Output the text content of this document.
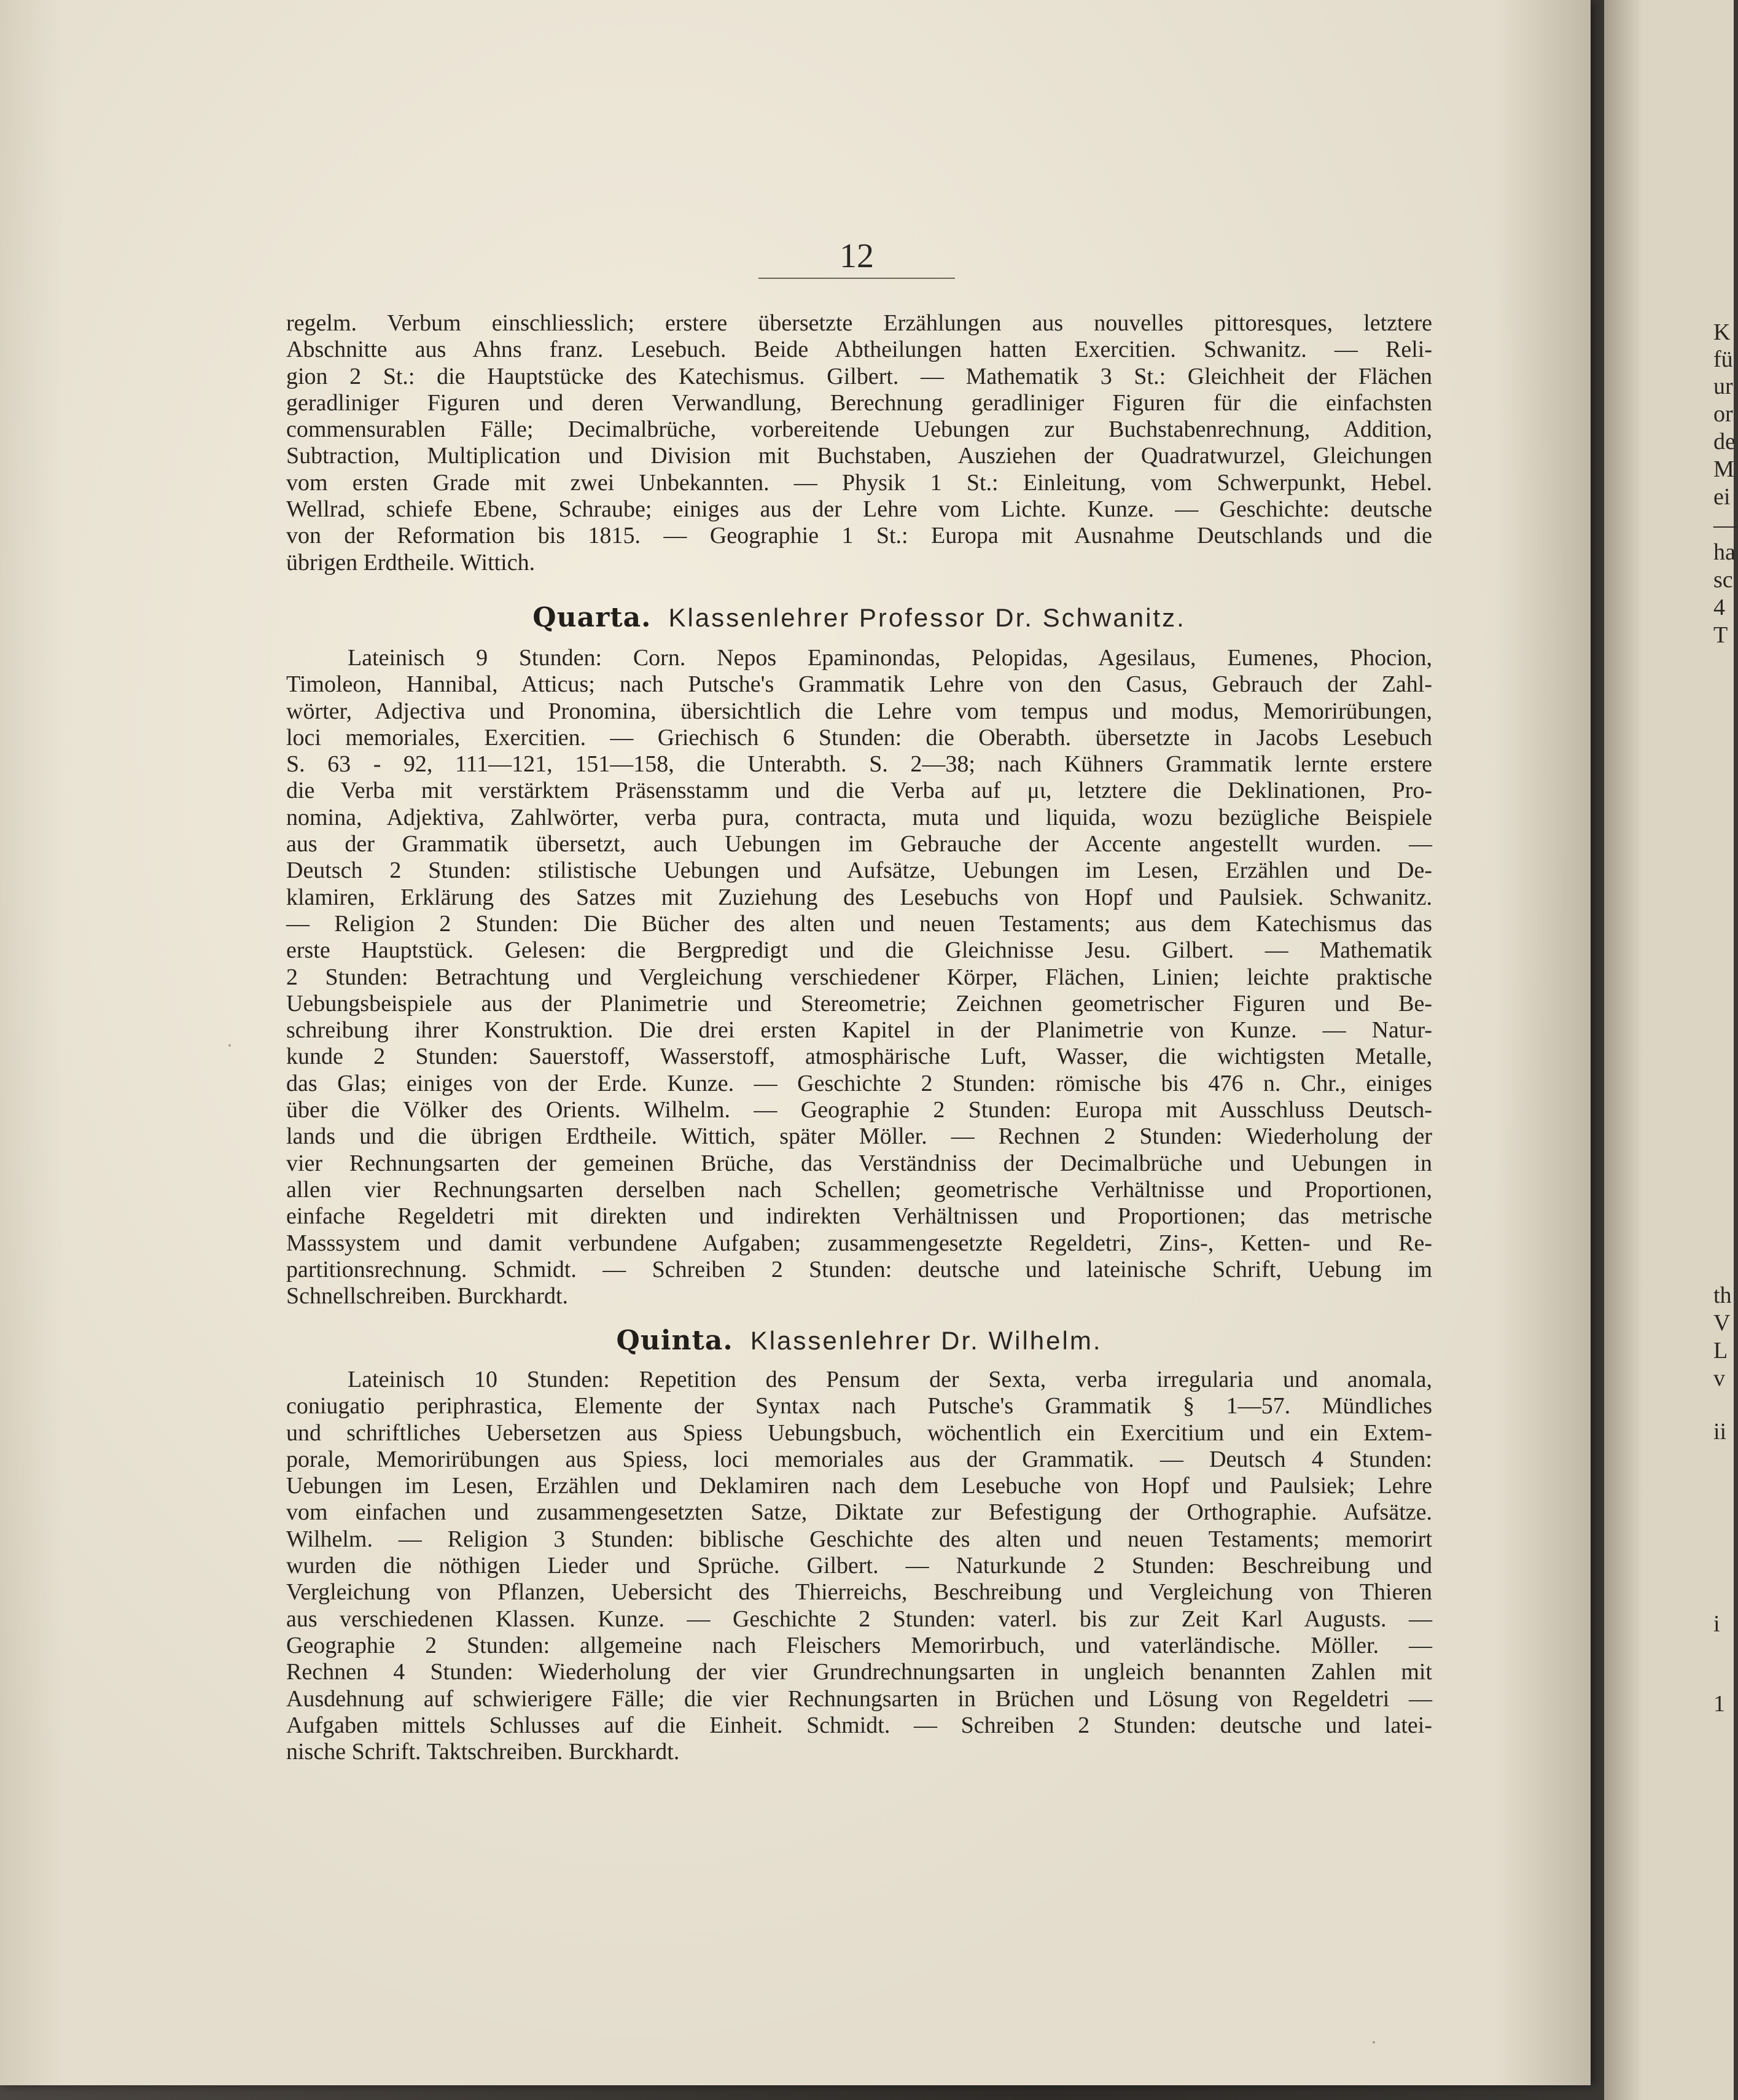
K
fü
ur
or
de
M
ei
—
ha
sc
4
T
th
V
L
v
ii
i
1
12

regelm. Verbum einschliesslich; erstere übersetzte Erzählungen aus nouvelles pittoresques, letztere

Abschnitte aus Ahns franz. Lesebuch. Beide Abtheilungen hatten Exercitien. Schwanitz. — Reli-

gion 2 St.: die Hauptstücke des Katechismus. Gilbert. — Mathematik 3 St.: Gleichheit der Flächen

geradliniger Figuren und deren Verwandlung, Berechnung geradliniger Figuren für die einfachsten

commensurablen Fälle; Decimalbrüche, vorbereitende Uebungen zur Buchstabenrechnung, Addition,

Subtraction, Multiplication und Division mit Buchstaben, Ausziehen der Quadratwurzel, Gleichungen

vom ersten Grade mit zwei Unbekannten. — Physik 1 St.: Einleitung, vom Schwerpunkt, Hebel.

Wellrad, schiefe Ebene, Schraube; einiges aus der Lehre vom Lichte. Kunze. — Geschichte: deutsche

von der Reformation bis 1815. — Geographie 1 St.: Europa mit Ausnahme Deutschlands und die

übrigen Erdtheile. Wittich.

Quarta. Klassenlehrer Professor Dr. Schwanitz.

Lateinisch 9 Stunden: Corn. Nepos Epaminondas, Pelopidas, Agesilaus, Eumenes, Phocion,

Timoleon, Hannibal, Atticus; nach Putsche's Grammatik Lehre von den Casus, Gebrauch der Zahl-

wörter, Adjectiva und Pronomina, übersichtlich die Lehre vom tempus und modus, Memorirübungen,

loci memoriales, Exercitien. — Griechisch 6 Stunden: die Oberabth. übersetzte in Jacobs Lesebuch

S. 63 - 92, 111—121, 151—158, die Unterabth. S. 2—38; nach Kühners Grammatik lernte erstere

die Verba mit verstärktem Präsensstamm und die Verba auf μι, letztere die Deklinationen, Pro-

nomina, Adjektiva, Zahlwörter, verba pura, contracta, muta und liquida, wozu bezügliche Beispiele

aus der Grammatik übersetzt, auch Uebungen im Gebrauche der Accente angestellt wurden. —

Deutsch 2 Stunden: stilistische Uebungen und Aufsätze, Uebungen im Lesen, Erzählen und De-

klamiren, Erklärung des Satzes mit Zuziehung des Lesebuchs von Hopf und Paulsiek. Schwanitz.

— Religion 2 Stunden: Die Bücher des alten und neuen Testaments; aus dem Katechismus das

erste Hauptstück. Gelesen: die Bergpredigt und die Gleichnisse Jesu. Gilbert. — Mathematik

2 Stunden: Betrachtung und Vergleichung verschiedener Körper, Flächen, Linien; leichte praktische

Uebungsbeispiele aus der Planimetrie und Stereometrie; Zeichnen geometrischer Figuren und Be-

schreibung ihrer Konstruktion. Die drei ersten Kapitel in der Planimetrie von Kunze. — Natur-

kunde 2 Stunden: Sauerstoff, Wasserstoff, atmosphärische Luft, Wasser, die wichtigsten Metalle,

das Glas; einiges von der Erde. Kunze. — Geschichte 2 Stunden: römische bis 476 n. Chr., einiges

über die Völker des Orients. Wilhelm. — Geographie 2 Stunden: Europa mit Ausschluss Deutsch-

lands und die übrigen Erdtheile. Wittich, später Möller. — Rechnen 2 Stunden: Wiederholung der

vier Rechnungsarten der gemeinen Brüche, das Verständniss der Decimalbrüche und Uebungen in

allen vier Rechnungsarten derselben nach Schellen; geometrische Verhältnisse und Proportionen,

einfache Regeldetri mit direkten und indirekten Verhältnissen und Proportionen; das metrische

Masssystem und damit verbundene Aufgaben; zusammengesetzte Regeldetri, Zins-, Ketten- und Re-

partitionsrechnung. Schmidt. — Schreiben 2 Stunden: deutsche und lateinische Schrift, Uebung im

Schnellschreiben. Burckhardt.

Quinta. Klassenlehrer Dr. Wilhelm.

Lateinisch 10 Stunden: Repetition des Pensum der Sexta, verba irregularia und anomala,

coniugatio periphrastica, Elemente der Syntax nach Putsche's Grammatik § 1—57. Mündliches

und schriftliches Uebersetzen aus Spiess Uebungsbuch, wöchentlich ein Exercitium und ein Extem-

porale, Memorirübungen aus Spiess, loci memoriales aus der Grammatik. — Deutsch 4 Stunden:

Uebungen im Lesen, Erzählen und Deklamiren nach dem Lesebuche von Hopf und Paulsiek; Lehre

vom einfachen und zusammengesetzten Satze, Diktate zur Befestigung der Orthographie. Aufsätze.

Wilhelm. — Religion 3 Stunden: biblische Geschichte des alten und neuen Testaments; memorirt

wurden die nöthigen Lieder und Sprüche. Gilbert. — Naturkunde 2 Stunden: Beschreibung und

Vergleichung von Pflanzen, Uebersicht des Thierreichs, Beschreibung und Vergleichung von Thieren

aus verschiedenen Klassen. Kunze. — Geschichte 2 Stunden: vaterl. bis zur Zeit Karl Augusts. —

Geographie 2 Stunden: allgemeine nach Fleischers Memorirbuch, und vaterländische. Möller. —

Rechnen 4 Stunden: Wiederholung der vier Grundrechnungsarten in ungleich benannten Zahlen mit

Ausdehnung auf schwierigere Fälle; die vier Rechnungsarten in Brüchen und Lösung von Regeldetri —

Aufgaben mittels Schlusses auf die Einheit. Schmidt. — Schreiben 2 Stunden: deutsche und latei-

nische Schrift. Taktschreiben. Burckhardt.
